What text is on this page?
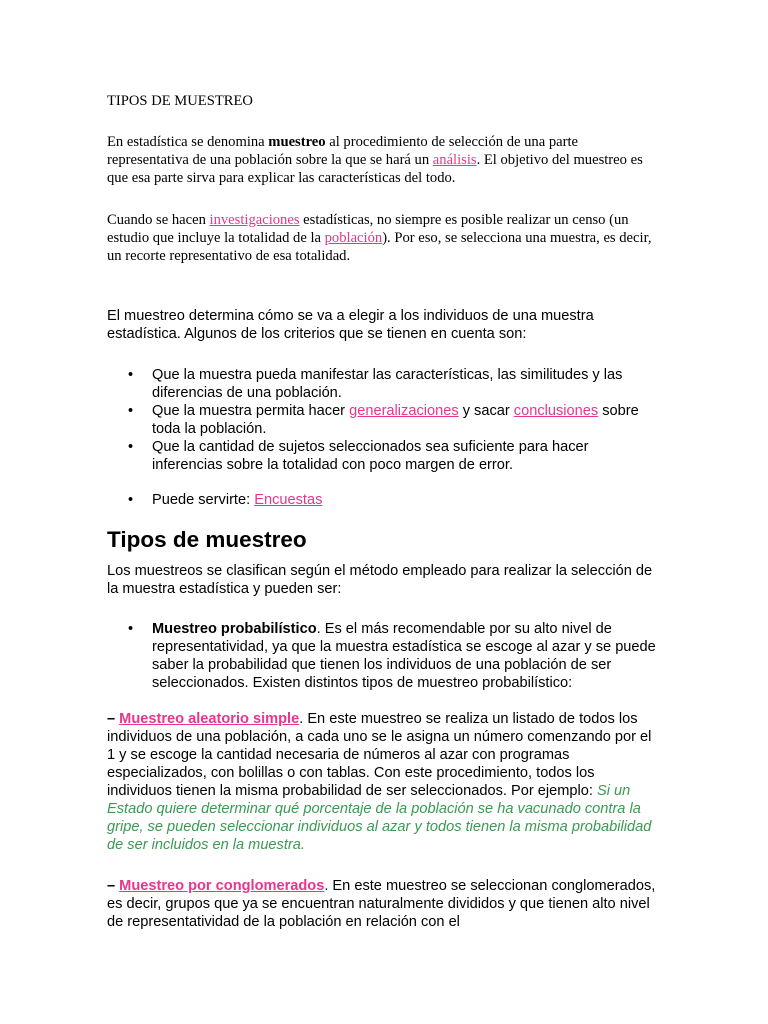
TIPOS DE MUESTREO

En estadística se denomina muestreo al procedimiento de selección de una parte representativa de una población sobre la que se hará un análisis. El objetivo del muestreo es que esa parte sirva para explicar las características del todo.

Cuando se hacen investigaciones estadísticas, no siempre es posible realizar un censo (un estudio que incluye la totalidad de la población). Por eso, se selecciona una muestra, es decir, un recorte representativo de esa totalidad.

El muestreo determina cómo se va a elegir a los individuos de una muestra estadística. Algunos de los criterios que se tienen en cuenta son:

• Que la muestra pueda manifestar las características, las similitudes y las diferencias de una población.
• Que la muestra permita hacer generalizaciones y sacar conclusiones sobre toda la población.
• Que la cantidad de sujetos seleccionados sea suficiente para hacer inferencias sobre la totalidad con poco margen de error.
• Puede servirte: Encuestas
Tipos de muestreo

Los muestreos se clasifican según el método empleado para realizar la selección de la muestra estadística y pueden ser:

• Muestreo probabilístico. Es el más recomendable por su alto nivel de representatividad, ya que la muestra estadística se escoge al azar y se puede saber la probabilidad que tienen los individuos de una población de ser seleccionados. Existen distintos tipos de muestreo probabilístico:

– Muestreo aleatorio simple. En este muestreo se realiza un listado de todos los individuos de una población, a cada uno se le asigna un número comenzando por el 1 y se escoge la cantidad necesaria de números al azar con programas especializados, con bolillas o con tablas. Con este procedimiento, todos los individuos tienen la misma probabilidad de ser seleccionados. Por ejemplo: Si un Estado quiere determinar qué porcentaje de la población se ha vacunado contra la gripe, se pueden seleccionar individuos al azar y todos tienen la misma probabilidad de ser incluidos en la muestra.

– Muestreo por conglomerados. En este muestreo se seleccionan conglomerados, es decir, grupos que ya se encuentran naturalmente divididos y que tienen alto nivel de representatividad de la población en relación con el
